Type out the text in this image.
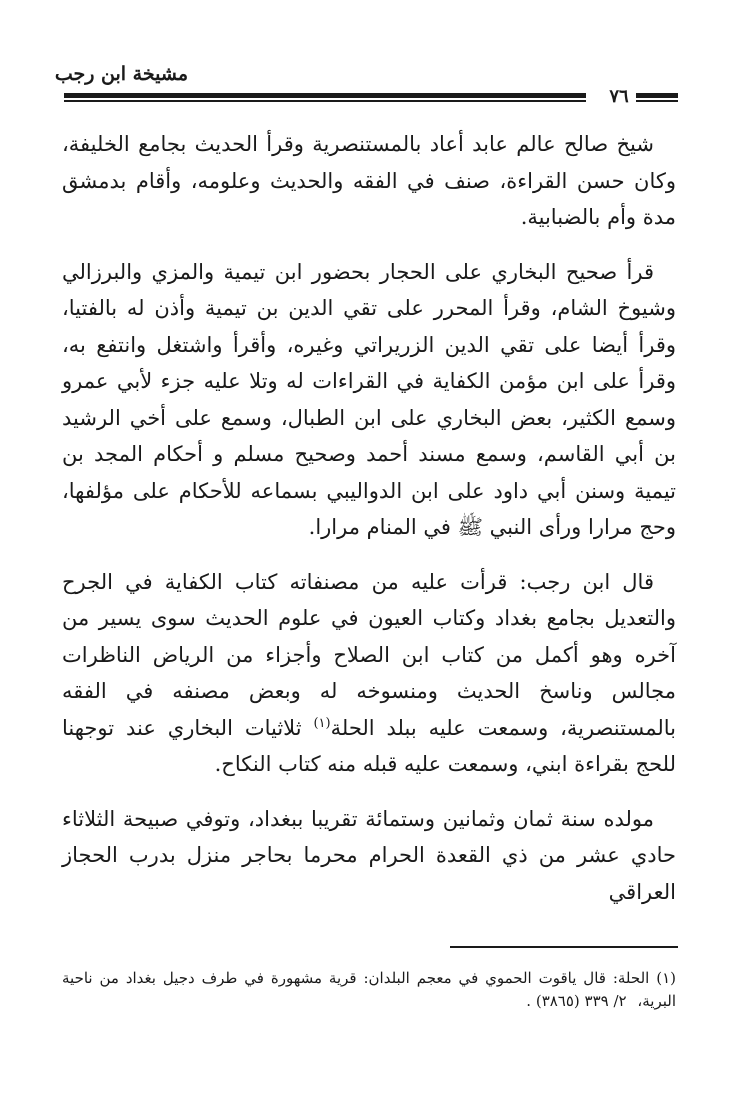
مشيخة ابن رجب
٧٦

شيخ صالح عالم عابد أعاد بالمستنصرية وقرأ الحديث بجامع الخليفة، وكان حسن القراءة، صنف في الفقه والحديث وعلومه، وأقام بدمشق مدة وأم بالضبابية.

قرأ صحيح البخاري على الحجار بحضور ابن تيمية والمزي والبرزالي وشيوخ الشام، وقرأ المحرر على تقي الدين بن تيمية وأذن له بالفتيا، وقرأ أيضا على تقي الدين الزريراتي وغيره، وأقرأ واشتغل وانتفع به، وقرأ على ابن مؤمن الكفاية في القراءات له وتلا عليه جزء لأبي عمرو وسمع الكثير، بعض البخاري على ابن الطبال، وسمع على أخي الرشيد بن أبي القاسم، وسمع مسند أحمد وصحيح مسلم و أحكام المجد بن تيمية وسنن أبي داود على ابن الدواليبي بسماعه للأحكام على مؤلفها، وحج مرارا ورأى النبي ﷺ في المنام مرارا.

قال ابن رجب: قرأت عليه من مصنفاته كتاب الكفاية في الجرح والتعديل بجامع بغداد وكتاب العيون في علوم الحديث سوى يسير من آخره وهو أكمل من كتاب ابن الصلاح وأجزاء من الرياض الناظرات مجالس وناسخ الحديث ومنسوخه له وبعض مصنفه في الفقه بالمستنصرية، وسمعت عليه ببلد الحلة$^{(١)}$ ثلاثيات البخاري عند توجهنا للحج بقراءة ابني، وسمعت عليه قبله منه كتاب النكاح.

مولده سنة ثمان وثمانين وستمائة تقريبا ببغداد، وتوفي صبيحة الثلاثاء حادي عشر من ذي القعدة الحرام محرما بحاجر منزل بدرب الحجاز العراقي

(١) الحلة: قال ياقوت الحموي في معجم البلدان: قرية مشهورة في طرف دجيل بغداد من ناحية البرية، ٢/ ٣٣٩ (٣٨٦٥) .
